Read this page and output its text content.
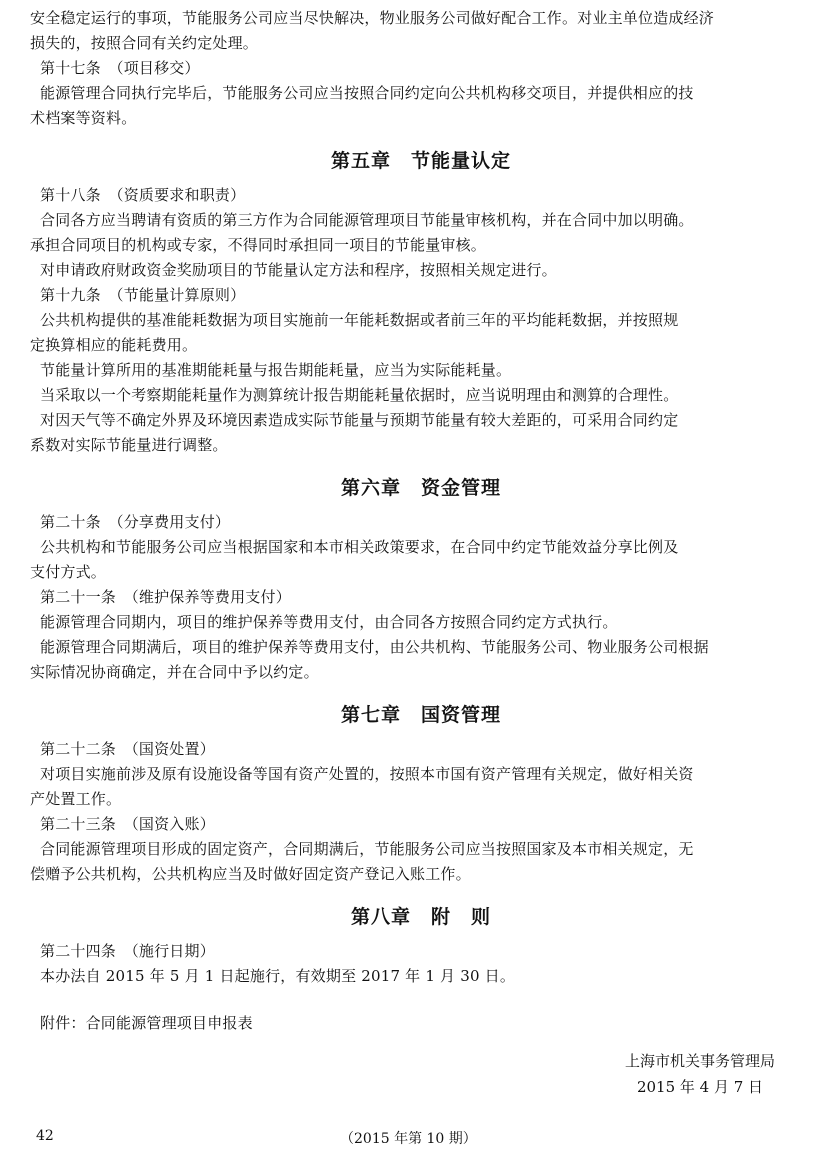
安全稳定运行的事项，节能服务公司应当尽快解决，物业服务公司做好配合工作。对业主单位造成经济
损失的，按照合同有关约定处理。
第十七条　（项目移交）
能源管理合同执行完毕后，节能服务公司应当按照合同约定向公共机构移交项目，并提供相应的技
术档案等资料。
第五章　节能量认定
第十八条　（资质要求和职责）
合同各方应当聘请有资质的第三方作为合同能源管理项目节能量审核机构，并在合同中加以明确。
承担合同项目的机构或专家，不得同时承担同一项目的节能量审核。
对申请政府财政资金奖励项目的节能量认定方法和程序，按照相关规定进行。
第十九条　（节能量计算原则）
公共机构提供的基准能耗数据为项目实施前一年能耗数据或者前三年的平均能耗数据，并按照规
定换算相应的能耗费用。
节能量计算所用的基准期能耗量与报告期能耗量，应当为实际能耗量。
当采取以一个考察期能耗量作为测算统计报告期能耗量依据时，应当说明理由和测算的合理性。
对因天气等不确定外界及环境因素造成实际节能量与预期节能量有较大差距的，可采用合同约定
系数对实际节能量进行调整。
第六章　资金管理
第二十条　（分享费用支付）
公共机构和节能服务公司应当根据国家和本市相关政策要求，在合同中约定节能效益分享比例及
支付方式。
第二十一条　（维护保养等费用支付）
能源管理合同期内，项目的维护保养等费用支付，由合同各方按照合同约定方式执行。
能源管理合同期满后，项目的维护保养等费用支付，由公共机构、节能服务公司、物业服务公司根据
实际情况协商确定，并在合同中予以约定。
第七章　国资管理
第二十二条　（国资处置）
对项目实施前涉及原有设施设备等国有资产处置的，按照本市国有资产管理有关规定，做好相关资
产处置工作。
第二十三条　（国资入账）
合同能源管理项目形成的固定资产，合同期满后，节能服务公司应当按照国家及本市相关规定，无
偿赠予公共机构，公共机构应当及时做好固定资产登记入账工作。
第八章　附　则
第二十四条　（施行日期）
本办法自 2015 年 5 月 1 日起施行，有效期至 2017 年 1 月 30 日。
附件：合同能源管理项目申报表
上海市机关事务管理局
2015 年 4 月 7 日
42	（2015 年第 10 期）
